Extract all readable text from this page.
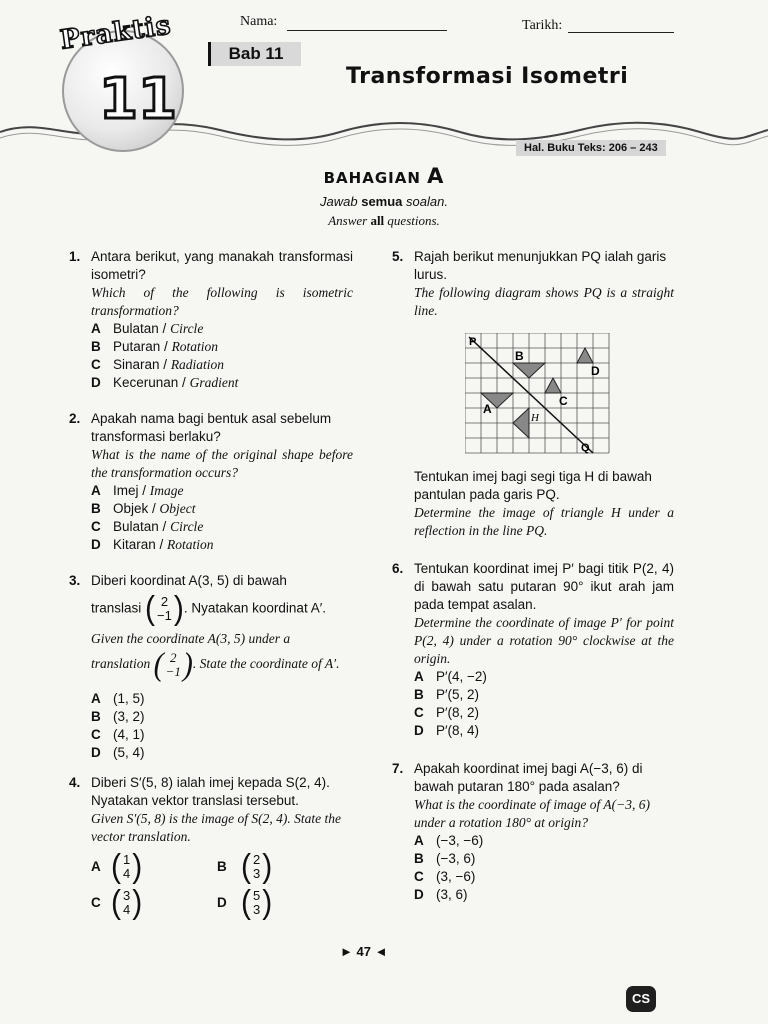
11
Praktis	Nama:	Tarikh:
Bab 11
Transformasi Isometri
Hal. Buku Teks: 206 – 243
BAHAGIAN A
Jawab semua soalan.
Answer all questions.
1. Antara berikut, yang manakah transformasi isometri?
Which of the following is isometric transformation?
A Bulatan /
Circle
B Putaran /
Rotation
C Sinaran /
Radiation
D Kecerunan /
Gradient
2. Apakah nama bagi bentuk asal sebelum transformasi berlaku?
What is the name of the original shape before the transformation occurs?
A Imej /
Image
B Objek /
Object
C Bulatan /
Circle
D Kitaran /
Rotation
3. Diberi koordinat A(3, 5) di bawah
translasi ( 2
−1 ) . Nyatakan koordinat A′.
Given the coordinate A(3, 5) under a
translation ( 2
−1 ) . State the coordinate of A′.
A (1, 5)
B (3, 2)
C (4, 1)
D (5, 4)
4. Diberi S′(5, 8) ialah imej kepada S(2, 4). Nyatakan vektor translasi tersebut.
Given S′(5, 8) is the image of S(2, 4). State the vector translation.
A ( 1
4 )	B ( 2
3 )
C ( 3
4 )	D ( 5
3 )
5. Rajah berikut menunjukkan PQ ialah garis lurus.
The following diagram shows PQ is a straight line.
P
Q
B
D
C
A
H
Tentukan imej bagi segi tiga H di bawah pantulan pada garis PQ.
Determine the image of triangle H under a reflection in the line PQ.
6. Tentukan koordinat imej P′ bagi titik P(2, 4) di bawah satu putaran 90° ikut arah jam pada tempat asalan.
Determine the coordinate of image P′ for point P(2, 4) under a rotation 90° clockwise at the origin.
A P′(4, −2)
B P′(5, 2)
C P′(8, 2)
D P′(8, 4)
7. Apakah koordinat imej bagi A(−3, 6) di bawah putaran 180° pada asalan?
What is the coordinate of image of A(−3, 6) under a rotation 180° at origin?
A (−3, −6)
B (−3, 6)
C (3, −6)
D (3, 6)
► 47 ◄
CS
